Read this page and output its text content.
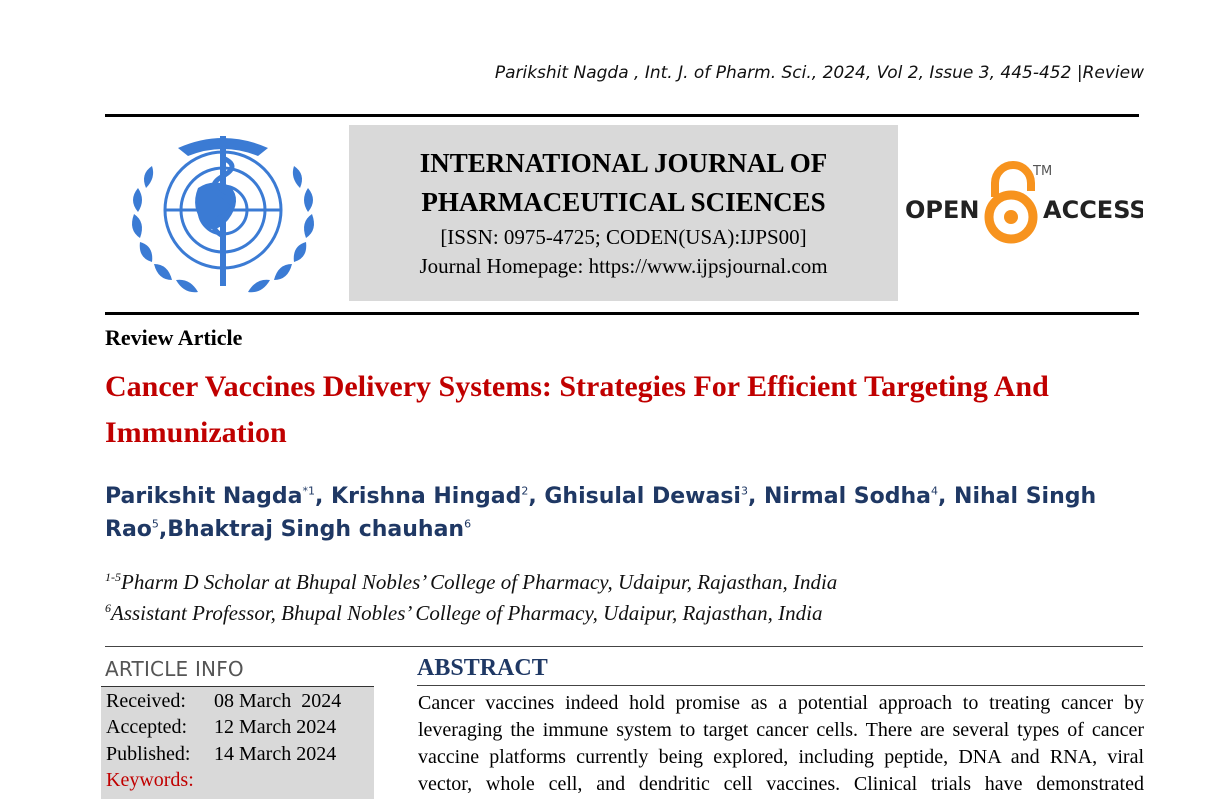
Parikshit Nagda , Int. J. of Pharm. Sci., 2024, Vol 2, Issue 3, 445-452 |Review
INTERNATIONAL JOURNAL OF
PHARMACEUTICAL SCIENCES
[ISSN: 0975-4725; CODEN(USA):IJPS00]
Journal Homepage: https://www.ijpsjournal.com
OPEN
TM
ACCESS
Review Article
Cancer Vaccines Delivery Systems: Strategies For Efficient Targeting And Immunization
Parikshit Nagda$^{*1}$, Krishna Hingad$^2$, Ghisulal Dewasi$^3$, Nirmal Sodha$^4$, Nihal Singh Rao$^5$,Bhaktraj Singh chauhan$^6$
$^{1-5}$Pharm D Scholar at Bhupal Nobles’ College of Pharmacy, Udaipur, Rajasthan, India
$^6$Assistant Professor, Bhupal Nobles’ College of Pharmacy, Udaipur, Rajasthan, India
ARTICLE INFO
Received: 08 March  2024
Accepted: 12 March 2024
Published: 14 March 2024
Keywords:
ABSTRACT
Cancer vaccines indeed hold promise as a potential approach to treating cancer by
leveraging the immune system to target cancer cells. There are several types of cancer
vaccine platforms currently being explored, including peptide, DNA and RNA, viral
vector, whole cell, and dendritic cell vaccines. Clinical trials have demonstrated
